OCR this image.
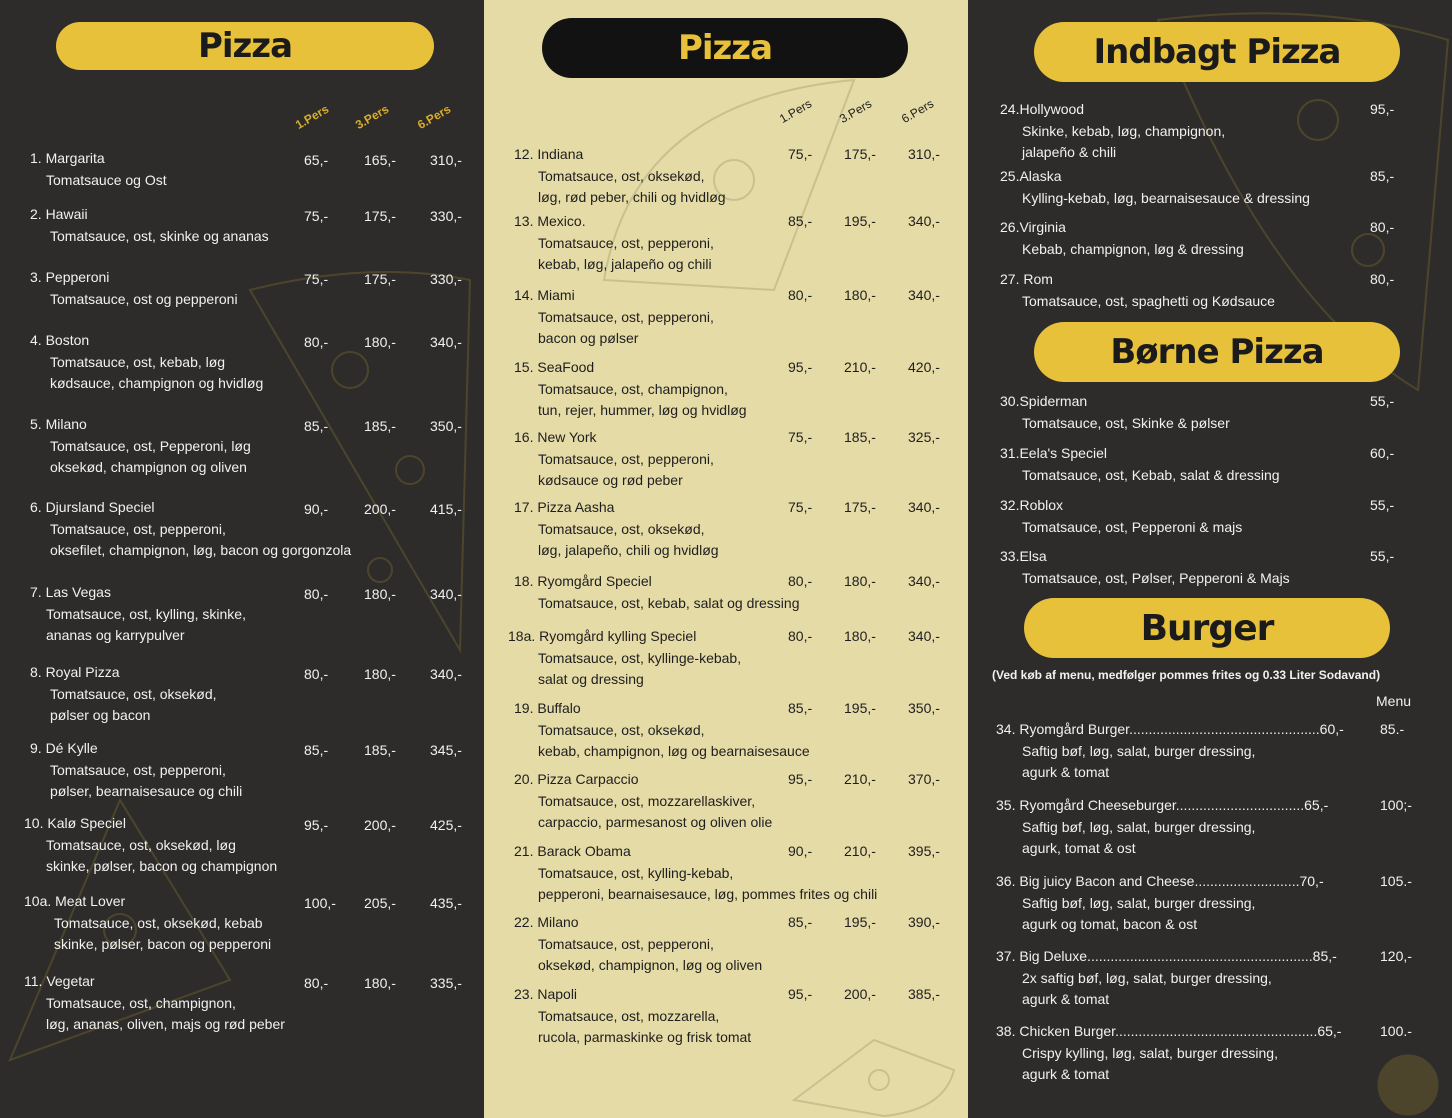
Pizza
1.Pers 3.Pers 6.Pers
1. Margarita
Tomatsauce og Ost
65,-	165,- 310,-
2. Hawaii
Tomatsauce, ost, skinke og ananas
75,-	175,- 330,-
3. Pepperoni
Tomatsauce, ost og pepperoni
75,-	175,- 330,-
4. Boston
Tomatsauce, ost, kebab, løg
kødsauce, champignon og hvidløg
80,-	180,- 340,-
5. Milano
Tomatsauce, ost, Pepperoni, løg
oksekød, champignon og oliven
85,-	185,- 350,-
6. Djursland Speciel
Tomatsauce, ost, pepperoni,
oksefilet, champignon, løg, bacon og gorgonzola
90,-	200,- 415,-
7. Las Vegas
Tomatsauce, ost, kylling, skinke,
ananas og karrypulver
80,-	180,- 340,-
8. Royal Pizza
Tomatsauce, ost, oksekød,
pølser og bacon
80,-	180,- 340,-
9. Dé Kylle
Tomatsauce, ost, pepperoni,
pølser, bearnaisesauce og chili
85,-	185,- 345,-
10. Kalø Speciel
Tomatsauce, ost, oksekød, løg
skinke, pølser, bacon og champignon
95,-	200,- 425,-
10a. Meat Lover
Tomatsauce, ost, oksekød, kebab
skinke, pølser, bacon og pepperoni
100,- 205,- 435,-
11. Vegetar
Tomatsauce, ost, champignon,
løg, ananas, oliven, majs og rød peber
80,-	180,- 335,-
Pizza
1.Pers 3.Pers 6.Pers
12. Indiana
Tomatsauce, ost, oksekød,
løg, rød peber, chili og hvidløg
75,- 175,- 310,-
13. Mexico.
Tomatsauce, ost, pepperoni,
kebab, løg, jalapeño og chili
85,- 195,- 340,-
14. Miami
Tomatsauce, ost, pepperoni,
bacon og pølser
80,- 180,- 340,-
15. SeaFood
Tomatsauce, ost, champignon,
tun, rejer, hummer, løg og hvidløg
95,- 210,- 420,-
16. New York
Tomatsauce, ost, pepperoni,
kødsauce og rød peber
75,- 185,- 325,-
17. Pizza Aasha
Tomatsauce, ost, oksekød,
løg, jalapeño, chili og hvidløg
75,- 175,- 340,-
18. Ryomgård Speciel
Tomatsauce, ost, kebab, salat og dressing
80,- 180,- 340,-
18a. Ryomgård kylling Speciel
Tomatsauce, ost, kyllinge-kebab,
salat og dressing
80,- 180,- 340,-
19. Buffalo
Tomatsauce, ost, oksekød,
kebab, champignon, løg og bearnaisesauce
85,- 195,- 350,-
20. Pizza Carpaccio
Tomatsauce, ost, mozzarellaskiver,
carpaccio, parmesanost og oliven olie
95,- 210,- 370,-
21. Barack Obama
Tomatsauce, ost, kylling-kebab,
pepperoni, bearnaisesauce, løg, pommes frites og chili
90,- 210,- 395,-
22. Milano
Tomatsauce, ost, pepperoni,
oksekød, champignon, løg og oliven
85,- 195,- 390,-
23. Napoli
Tomatsauce, ost, mozzarella,
rucola, parmaskinke og frisk tomat
95,- 200,- 385,-
Indbagt Pizza
24.Hollywood
Skinke, kebab, løg, champignon,
jalapeño & chili
95,-
25.Alaska
Kylling-kebab, løg, bearnaisesauce & dressing
85,-
26.Virginia
Kebab, champignon, løg & dressing
80,-
27. Rom
Tomatsauce, ost, spaghetti og Kødsauce
80,-
Børne Pizza
30.Spiderman
Tomatsauce, ost, Skinke & pølser
55,-
31.Eela's Speciel
Tomatsauce, ost, Kebab, salat & dressing
60,-
32.Roblox
Tomatsauce, ost, Pepperoni & majs
55,-
33.Elsa
Tomatsauce, ost, Pølser, Pepperoni & Majs
55,-
Burger
(Ved køb af menu, medfølger pommes frites og 0.33 Liter Sodavand)
Menu
34. Ryomgård Burger.................................................60,-
Saftig bøf, løg, salat, burger dressing,
agurk & tomat
85.-
35. Ryomgård Cheeseburger.................................65,-
Saftig bøf, løg, salat, burger dressing,
agurk, tomat & ost
100;-
36. Big juicy Bacon and Cheese...........................70,-
Saftig bøf, løg, salat, burger dressing,
agurk og tomat, bacon & ost
105.-
37. Big Deluxe..........................................................85,-
2x saftig bøf, løg, salat, burger dressing,
agurk & tomat
120,-
38. Chicken Burger....................................................65,-
Crispy kylling, løg, salat, burger dressing,
agurk & tomat
100.-
